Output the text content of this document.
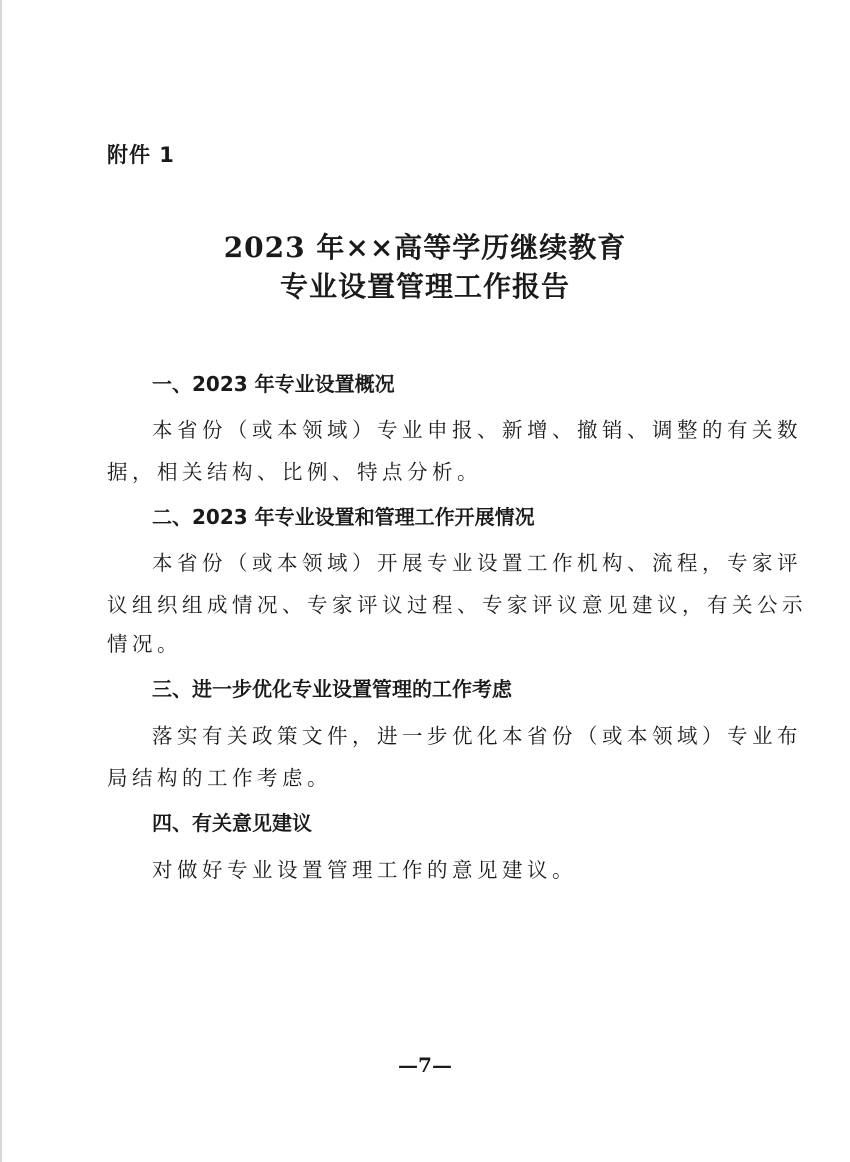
附件 1
2023 年××高等学历继续教育
专业设置管理工作报告
一、2023 年专业设置概况
本省份（或本领域）专业申报、新增、撤销、调整的有关数
据，相关结构、比例、特点分析。
二、2023 年专业设置和管理工作开展情况
本省份（或本领域）开展专业设置工作机构、流程，专家评
议组织组成情况、专家评议过程、专家评议意见建议，有关公示
情况。
三、进一步优化专业设置管理的工作考虑
落实有关政策文件，进一步优化本省份（或本领域）专业布
局结构的工作考虑。
四、有关意见建议
对做好专业设置管理工作的意见建议。
—7—
